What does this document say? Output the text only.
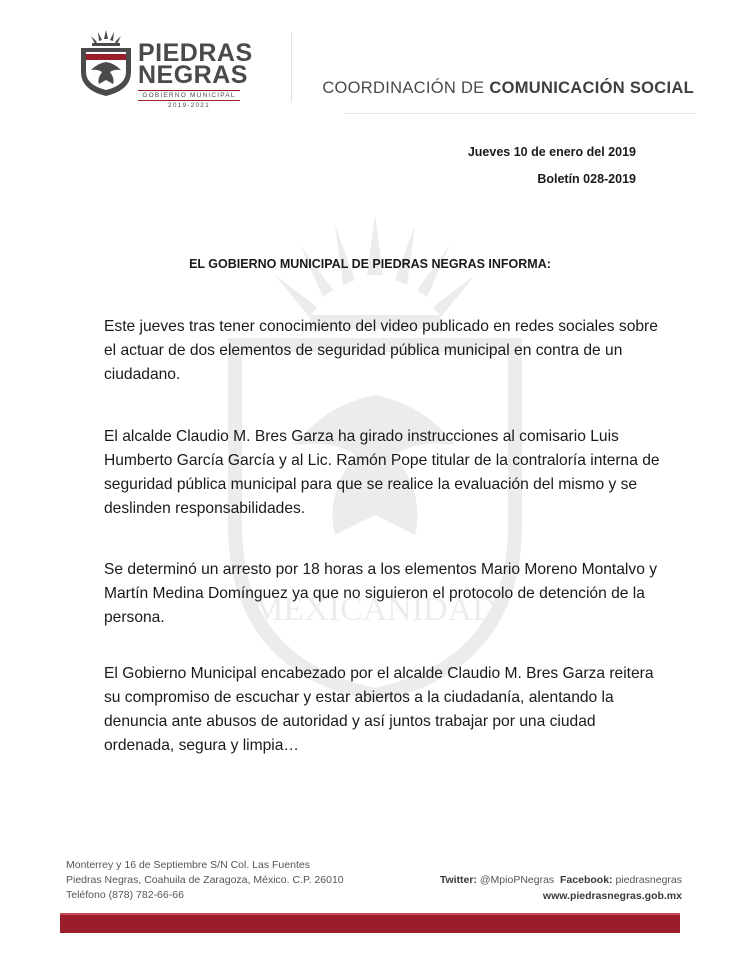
MEXICANIDAD
PIEDRAS
NEGRAS
GOBIERNO MUNICIPAL
2019-2021
COORDINACIÓN DE COMUNICACIÓN SOCIAL
Jueves 10 de enero del 2019
Boletín 028-2019
EL GOBIERNO MUNICIPAL DE PIEDRAS NEGRAS INFORMA:

Este jueves tras tener conocimiento del video publicado en redes sociales sobre el actuar de dos elementos de seguridad pública municipal en contra de un ciudadano.

El alcalde Claudio M. Bres Garza ha girado instrucciones al comisario Luis Humberto García García y al Lic. Ramón Pope titular de la contraloría interna de seguridad pública municipal para que se realice la evaluación del mismo y se deslinden responsabilidades.

Se determinó un arresto por 18 horas a los elementos Mario Moreno Montalvo y Martín Medina Domínguez ya que no siguieron el protocolo de detención de la persona.

El Gobierno Municipal encabezado por el alcalde Claudio M. Bres Garza reitera su compromiso de escuchar y estar abiertos a la ciudadanía, alentando la denuncia ante abusos de autoridad y así juntos trabajar por una ciudad ordenada, segura y limpia…

Monterrey y 16 de Septiembre S/N Col. Las Fuentes
Piedras Negras, Coahuila de Zaragoza, México. C.P. 26010
Teléfono (878) 782-66-66
Twitter: @MpioPNegras Facebook: piedrasnegras
www.piedrasnegras.gob.mx
